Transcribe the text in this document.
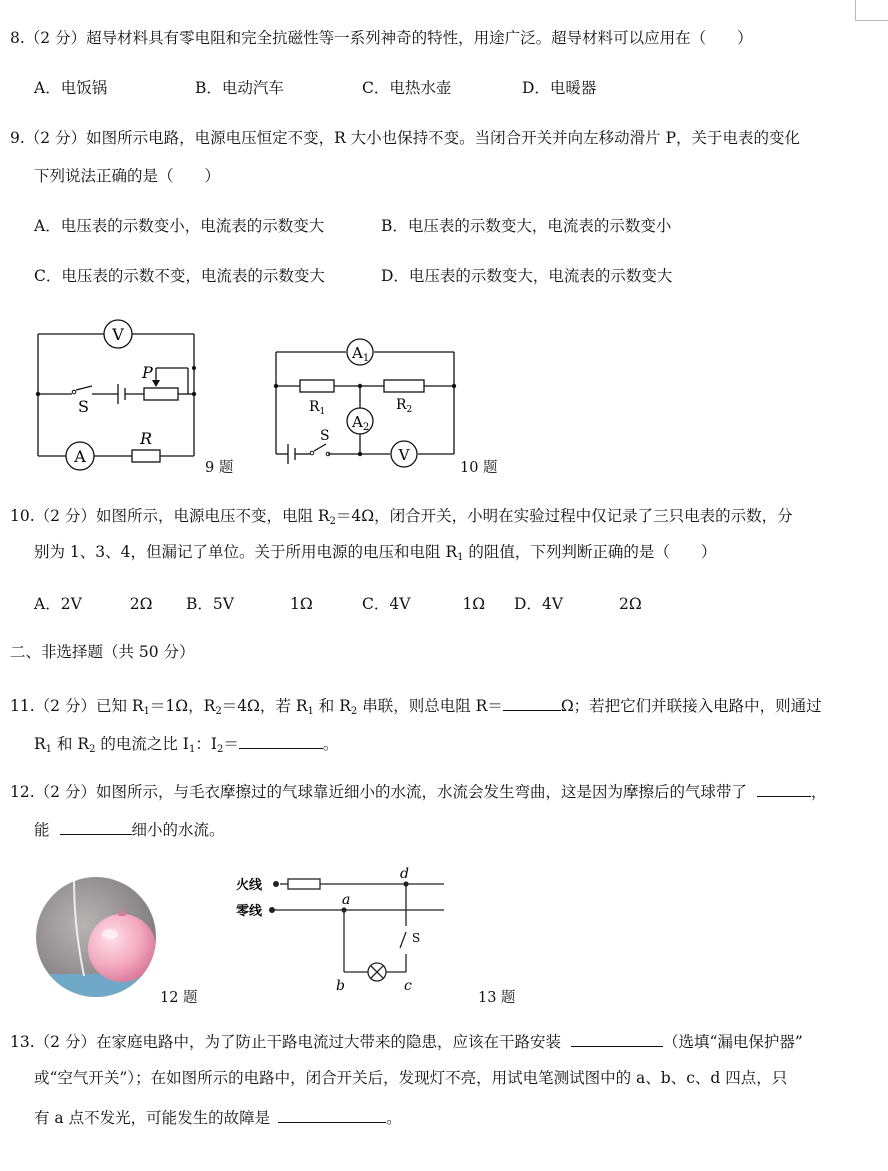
8.（2 分）超导材料具有零电阻和完全抗磁性等一系列神奇的特性，用途广泛。超导材料可以应用在（　　）
A．电饭锅	B．电动汽车	C．电热水壶	D．电暖器
9.（2 分）如图所示电路，电源电压恒定不变，R 大小也保持不变。当闭合开关并向左移动滑片 P，关于电表的变化
下列说法正确的是（　　）
A．电压表的示数变小，电流表的示数变大	B．电压表的示数变大，电流表的示数变小
C．电压表的示数不变，电流表的示数变大	D．电压表的示数变大，电流表的示数变大
V
A
P
R
S
9 题
$A_1$
$A_2$
$R_1$	$R_2$
S
V
10 题
10.（2 分）如图所示，电源电压不变，电阻 $R_2=4\Omega$，闭合开关，小明在实验过程中仅记录了三只电表的示数，分
别为 1、3、4，但漏记了单位。关于所用电源的电压和电阻 $R_1$ 的阻值，下列判断正确的是（　　）
A．2V	2Ω B．5V	1Ω	C．4V	1Ω D．4V	2Ω
二、非选择题（共 50 分）
11.（2 分）已知 $R_1=1\Omega$，$R_2=4\Omega$，若 $R_1$ 和 $R_2$ 串联，则总电阻 R＝	Ω；若把它们并联接入电路中，则通过
$R_1$ 和 $R_2$ 的电流之比 $I_1$：$I_2=$	。
12.（2 分）如图所示，与毛衣摩擦过的气球靠近细小的水流，水流会发生弯曲，这是因为摩擦后的气球带了	，
能	细小的水流。
12 题
火线
零线
a
b	c
d
S
13 题
13.（2 分）在家庭电路中，为了防止干路电流过大带来的隐患，应该在干路安装	（选填“漏电保护器”
或“空气开关”）；在如图所示的电路中，闭合开关后，发现灯不亮，用试电笔测试图中的 a、b、c、d 四点，只
有 a 点不发光，可能发生的故障是	。
